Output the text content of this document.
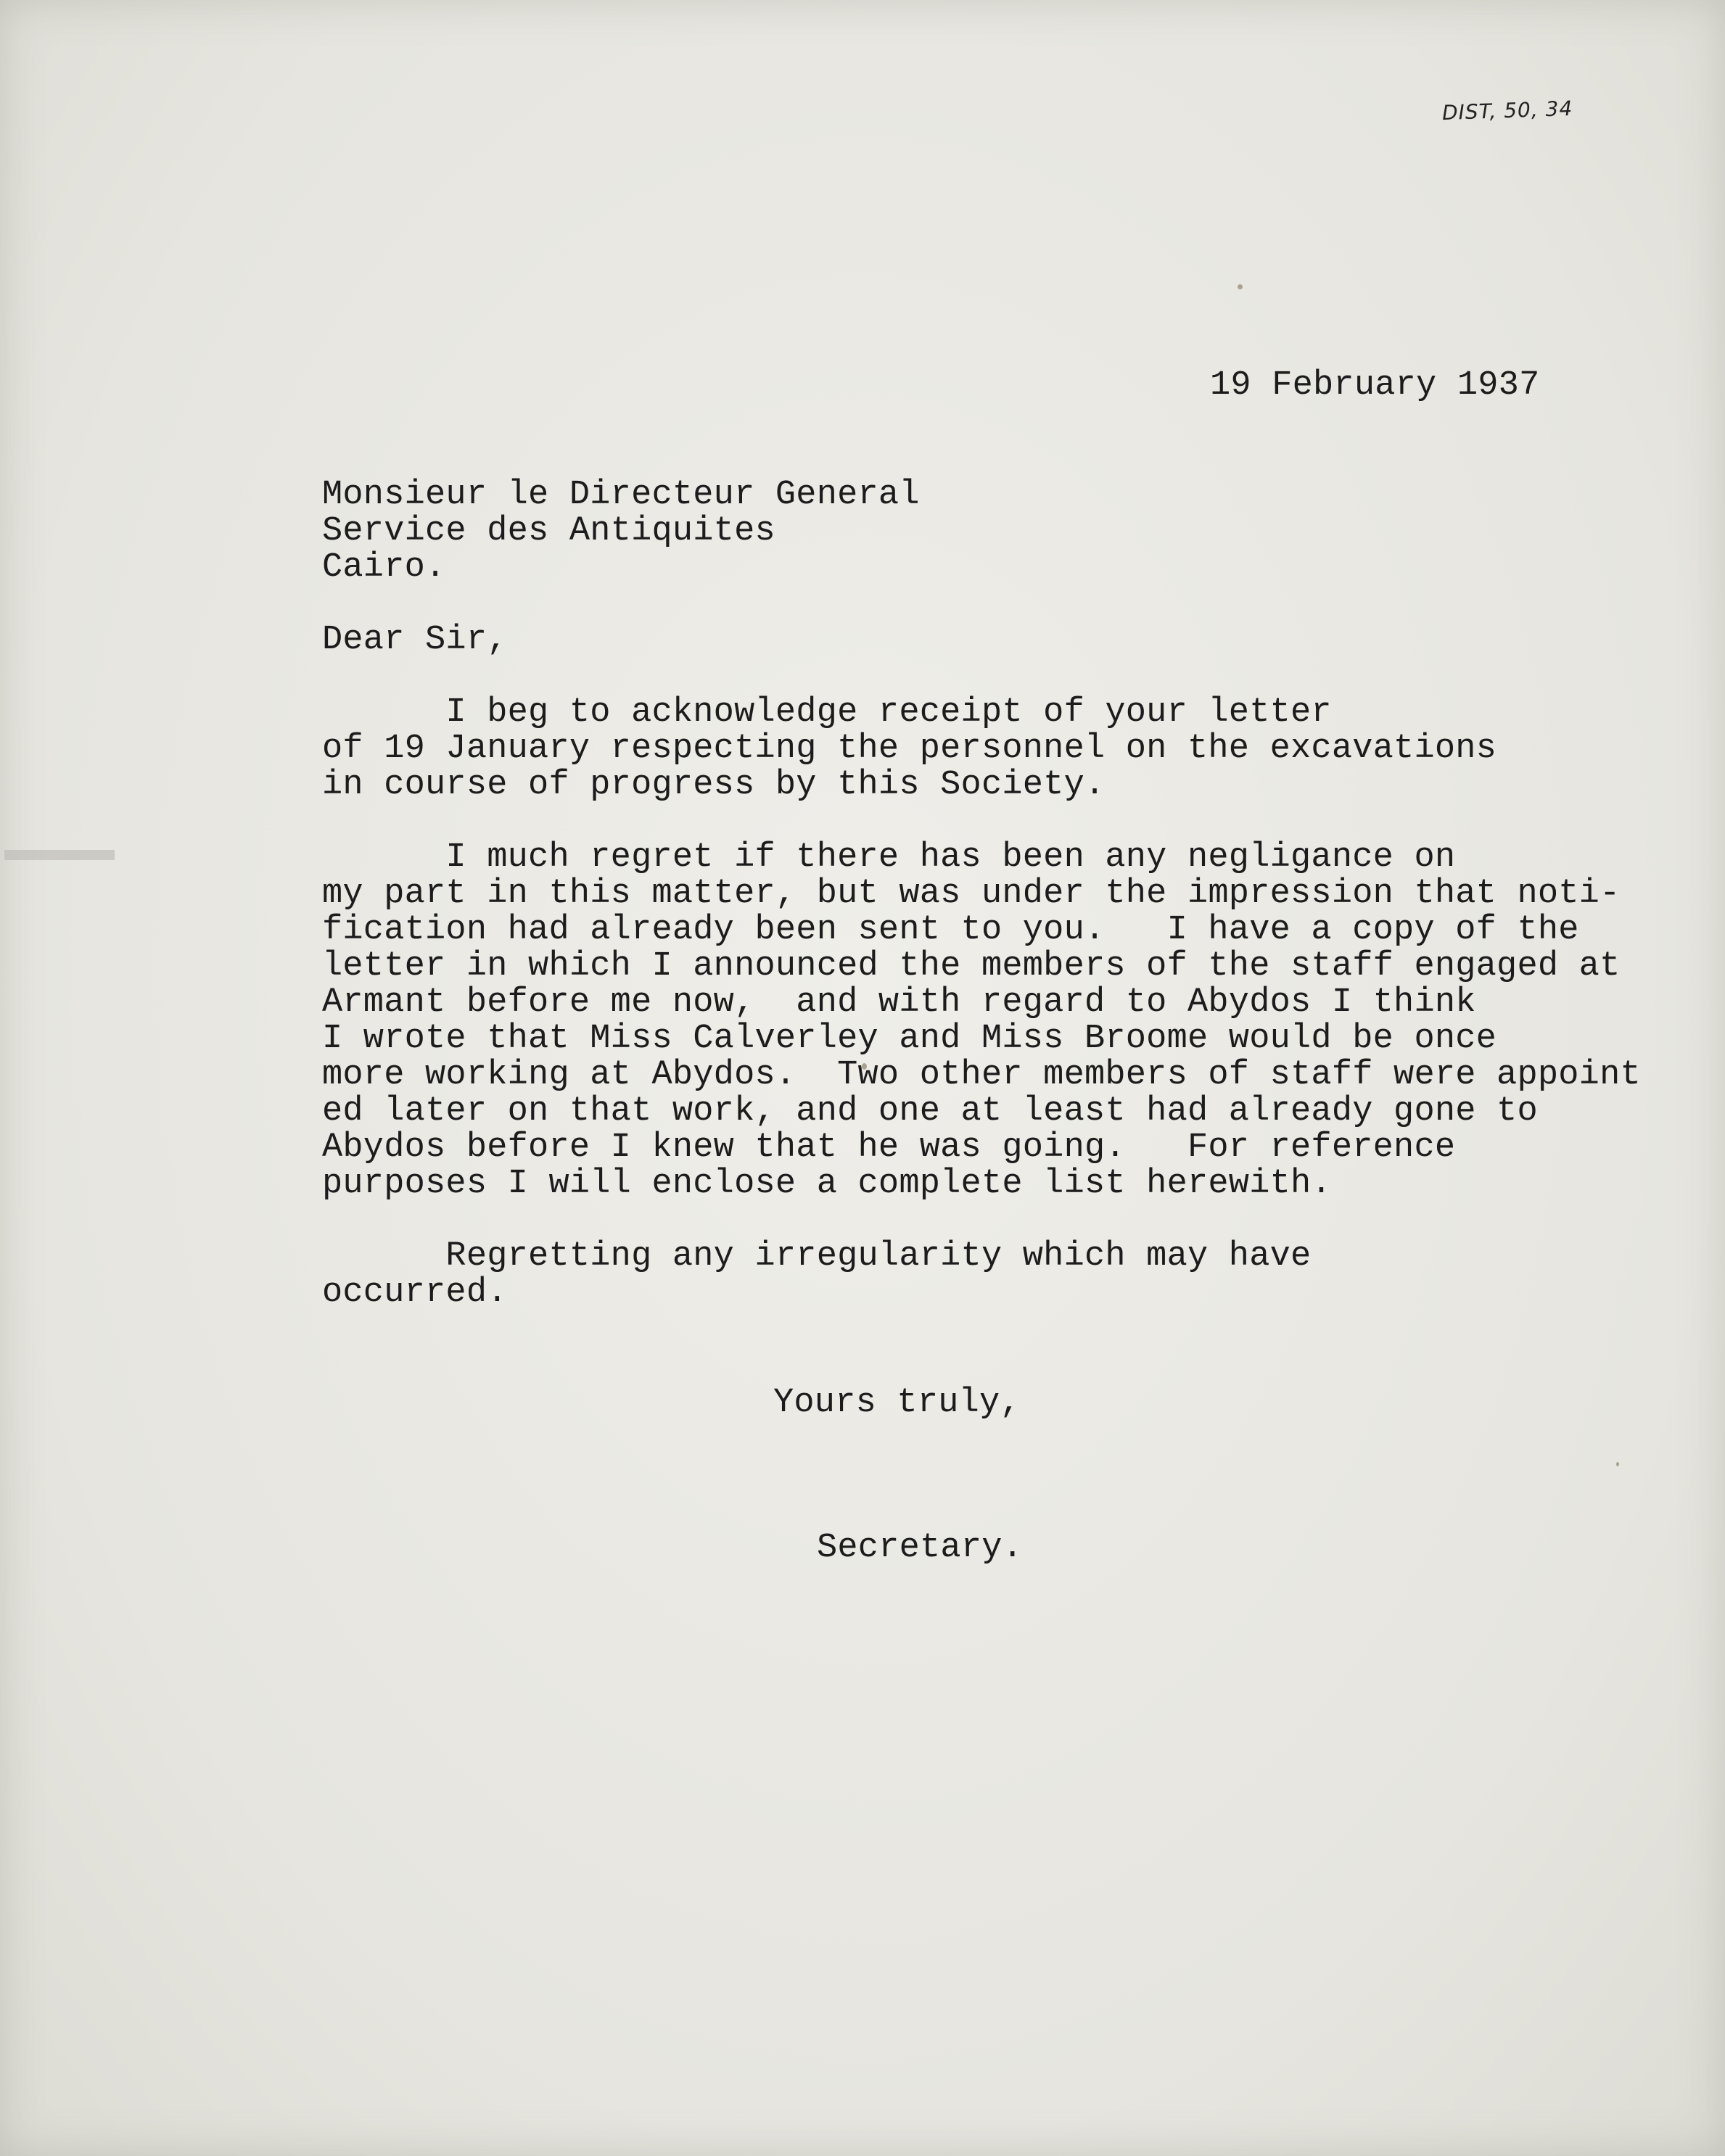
DIST, 50, 34
19 February 1937
Monsieur le Directeur General
Service des Antiquites
Cairo.
Dear Sir,
I beg to acknowledge receipt of your letter
of 19 January respecting the personnel on the excavations
in course of progress by this Society.
I much regret if there has been any negligance on
my part in this matter, but was under the impression that noti-
fication had already been sent to you.   I have a copy of the
letter in which I announced the members of the staff engaged at
Armant before me now,  and with regard to Abydos I think
I wrote that Miss Calverley and Miss Broome would be once
more working at Abydos.  Two other members of staff were appoint
ed later on that work, and one at least had already gone to
Abydos before I knew that he was going.   For reference
purposes I will enclose a complete list herewith.
Regretting any irregularity which may have
occurred.
Yours truly,
Secretary.
